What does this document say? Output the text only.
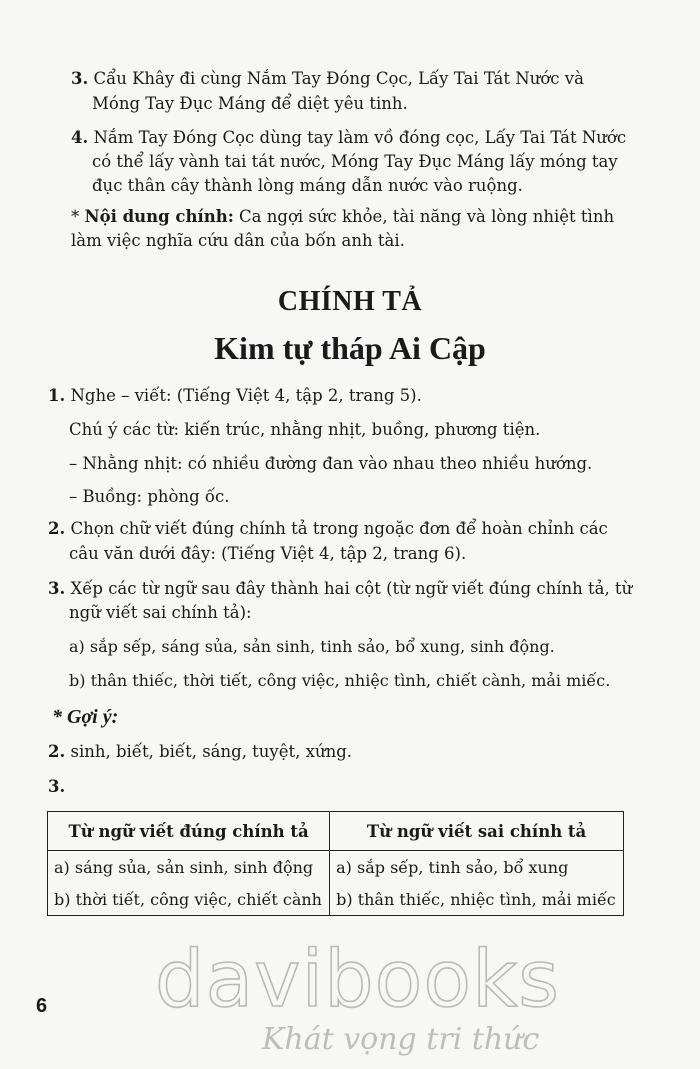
3. Cẩu Khây đi cùng Nắm Tay Đóng Cọc, Lấy Tai Tát Nước và
Móng Tay Đục Máng để diệt yêu tinh.
4. Nắm Tay Đóng Cọc dùng tay làm vồ đóng cọc, Lấy Tai Tát Nước
có thể lấy vành tai tát nước, Móng Tay Đục Máng lấy móng tay
đục thân cây thành lòng máng dẫn nước vào ruộng.
* Nội dung chính: Ca ngợi sức khỏe, tài năng và lòng nhiệt tình
làm việc nghĩa cứu dân của bốn anh tài.
CHÍNH TẢ
Kim tự tháp Ai Cập
1. Nghe – viết: (Tiếng Việt 4, tập 2, trang 5).
Chú ý các từ: kiến trúc, nhằng nhịt, buồng, phương tiện.
– Nhằng nhịt: có nhiều đường đan vào nhau theo nhiều hướng.
– Buồng: phòng ốc.
2. Chọn chữ viết đúng chính tả trong ngoặc đơn để hoàn chỉnh các
câu văn dưới đây: (Tiếng Việt 4, tập 2, trang 6).
3. Xếp các từ ngữ sau đây thành hai cột (từ ngữ viết đúng chính tả, từ
ngữ viết sai chính tả):
a) sắp sếp, sáng sủa, sản sinh, tinh sảo, bổ xung, sinh động.
b) thân thiếc, thời tiết, công việc, nhiệc tình, chiết cành, mải miếc.
* Gợi ý:
2. sinh, biết, biết, sáng, tuyệt, xứng.
3.
Từ ngữ viết đúng chính tả	Từ ngữ viết sai chính tả
a) sáng sủa, sản sinh, sinh động	a) sắp sếp, tinh sảo, bổ xung
b) thời tiết, công việc, chiết cành	b) thân thiếc, nhiệc tình, mải miếc
6 davibooks
Khát vọng tri thức
